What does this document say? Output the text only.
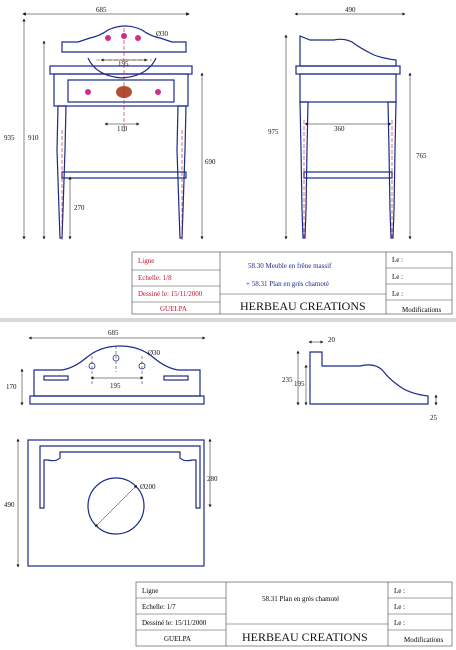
685
Ø30
195
935 910
690
110
270
490
975	360
765
Ligne
Echelle: 1/8
Dessiné le: 15/11/2000
GUELPA
58.30 Meuble en frêne massif
+ 58.31 Plan en grès chamoté
HERBEAU CREATIONS
Le :
Le :
Le :
Modifications
685
Ø30
195
170
20
235 195
25
490
Ø200
280
Ligne
Echelle: 1/7
Dessiné le: 15/11/2000
GUELPA
58.31 Plan en grès chamoté
HERBEAU CREATIONS
Le :
Le :
Le :
Modifications
